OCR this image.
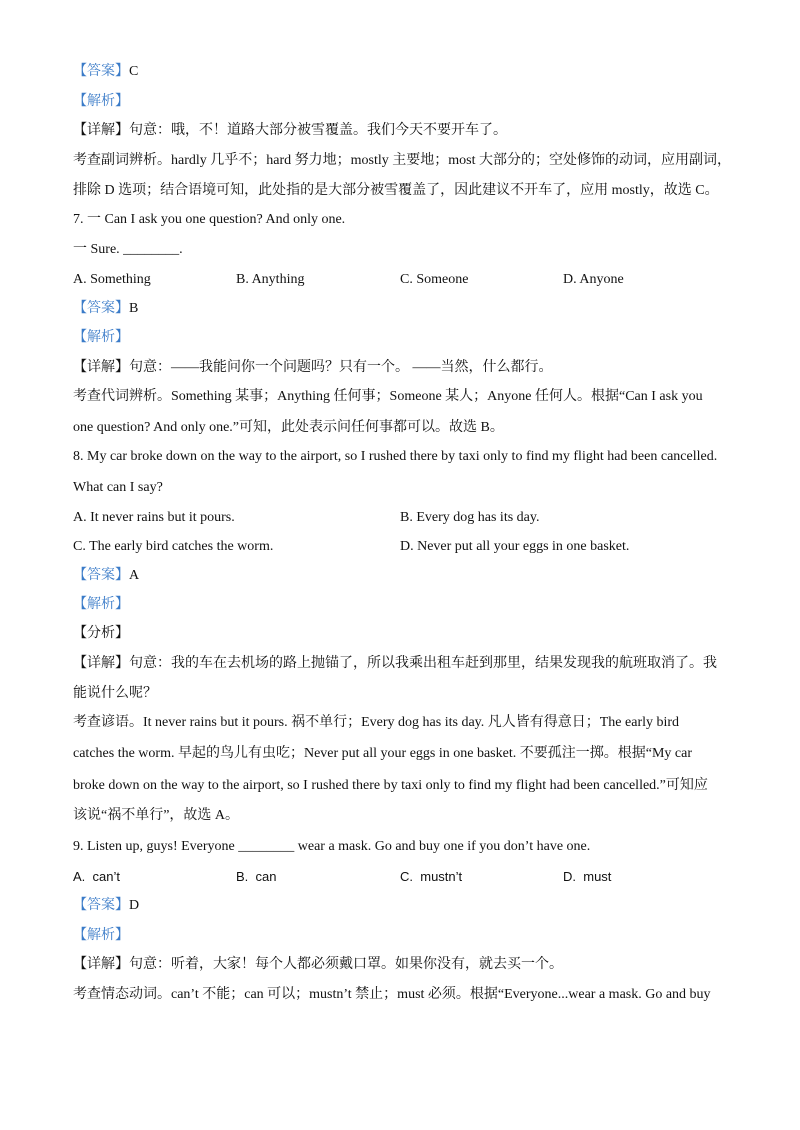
【答案】C
【解析】
【详解】句意：哦，不！道路大部分被雪覆盖。我们今天不要开车了。
考查副词辨析。hardly 几乎不；hard 努力地；mostly 主要地；most 大部分的；空处修饰的动词，应用副词，
排除 D 选项；结合语境可知，此处指的是大部分被雪覆盖了，因此建议不开车了，应用 mostly，故选 C。
7. 一 Can I ask you one question? And only one.
一 Sure. ________.
A. Something	B. Anything	C. Someone	D. Anyone
【答案】B
【解析】
【详解】句意：——我能问你一个问题吗？只有一个。 ——当然，什么都行。
考查代词辨析。Something 某事；Anything 任何事；Someone 某人；Anyone 任何人。根据“Can I ask you
one question? And only one.”可知，此处表示问任何事都可以。故选 B。
8. My car broke down on the way to the airport, so I rushed there by taxi only to find my flight had been cancelled.
What can I say?
A. It never rains but it pours.	B. Every dog has its day.
C. The early bird catches the worm.	D. Never put all your eggs in one basket.
【答案】A
【解析】
【分析】
【详解】句意：我的车在去机场的路上抛锚了，所以我乘出租车赶到那里，结果发现我的航班取消了。我
能说什么呢？
考查谚语。It never rains but it pours. 祸不单行；Every dog has its day. 凡人皆有得意日；The early bird
catches the worm. 早起的鸟儿有虫吃；Never put all your eggs in one basket. 不要孤注一掷。根据“My car
broke down on the way to the airport, so I rushed there by taxi only to find my flight had been cancelled.”可知应
该说“祸不单行”，故选 A。
9. Listen up, guys! Everyone ________ wear a mask. Go and buy one if you don’t have one.
A. can’t	B. can	C. mustn’t	D. must
【答案】D
【解析】
【详解】句意：听着，大家！每个人都必须戴口罩。如果你没有，就去买一个。
考查情态动词。can’t 不能；can 可以；mustn’t 禁止；must 必须。根据“Everyone...wear a mask. Go and buy
